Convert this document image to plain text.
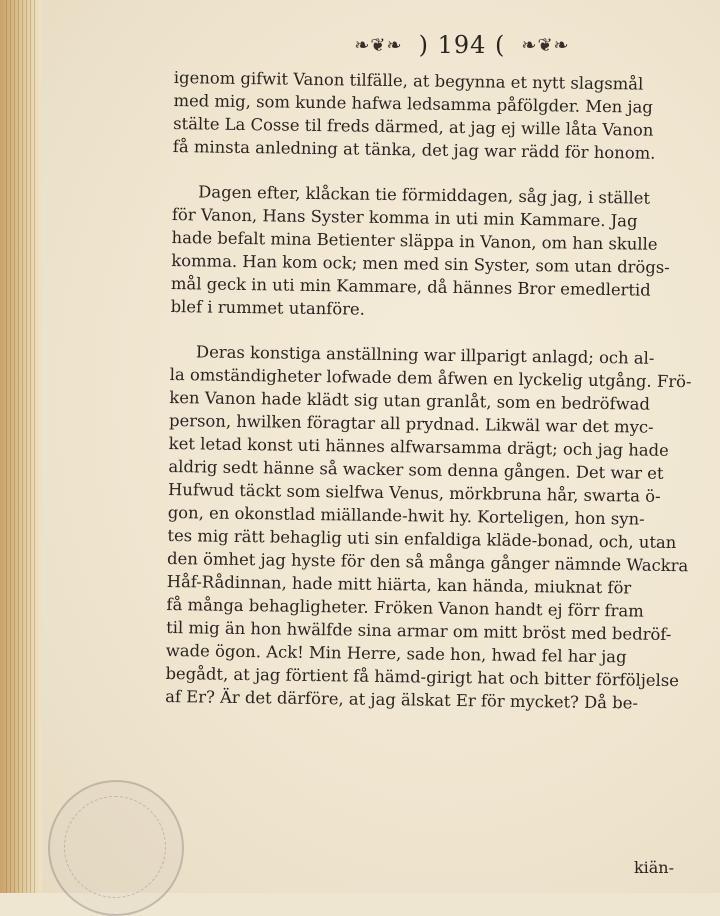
❧❦❧ ) 194 ( ❧❦❧

igenom gifwit Vanon tilfälle, at begynna et nytt slagsmål

med mig, som kunde hafwa ledsamma påfölgder. Men jag

stälte La Cosse til freds därmed, at jag ej wille låta Vanon

få minsta anledning at tänka, det jag war rädd för honom.

Dagen efter, klåckan tie förmiddagen, såg jag, i stället

för Vanon, Hans Syster komma in uti min Kammare. Jag

hade befalt mina Betienter släppa in Vanon, om han skulle

komma. Han kom ock; men med sin Syster, som utan drögs-

mål geck in uti min Kammare, då hännes Bror emedlertid

blef i rummet utanföre.

Deras konstiga anställning war illparigt anlagd; och al-

la omständigheter lofwade dem åfwen en lyckelig utgång. Frö-

ken Vanon hade klädt sig utan granlåt, som en bedröfwad

person, hwilken föragtar all prydnad. Likwäl war det myc-

ket letad konst uti hännes alfwarsamma drägt; och jag hade

aldrig sedt hänne så wacker som denna gången. Det war et

Hufwud täckt som sielfwa Venus, mörkbruna hår, swarta ö-

gon, en okonstlad miällande-hwit hy. Korteligen, hon syn-

tes mig rätt behaglig uti sin enfaldiga kläde-bonad, och, utan

den ömhet jag hyste för den så många gånger nämnde Wackra

Håf-Rådinnan, hade mitt hiärta, kan hända, miuknat för

få många behagligheter. Fröken Vanon handt ej förr fram

til mig än hon hwälfde sina armar om mitt bröst med bedröf-

wade ögon. Ack! Min Herre, sade hon, hwad fel har jag

begådt, at jag förtient få hämd-girigt hat och bitter förföljelse

af Er? Är det därföre, at jag älskat Er för mycket? Då be-

kiän-
